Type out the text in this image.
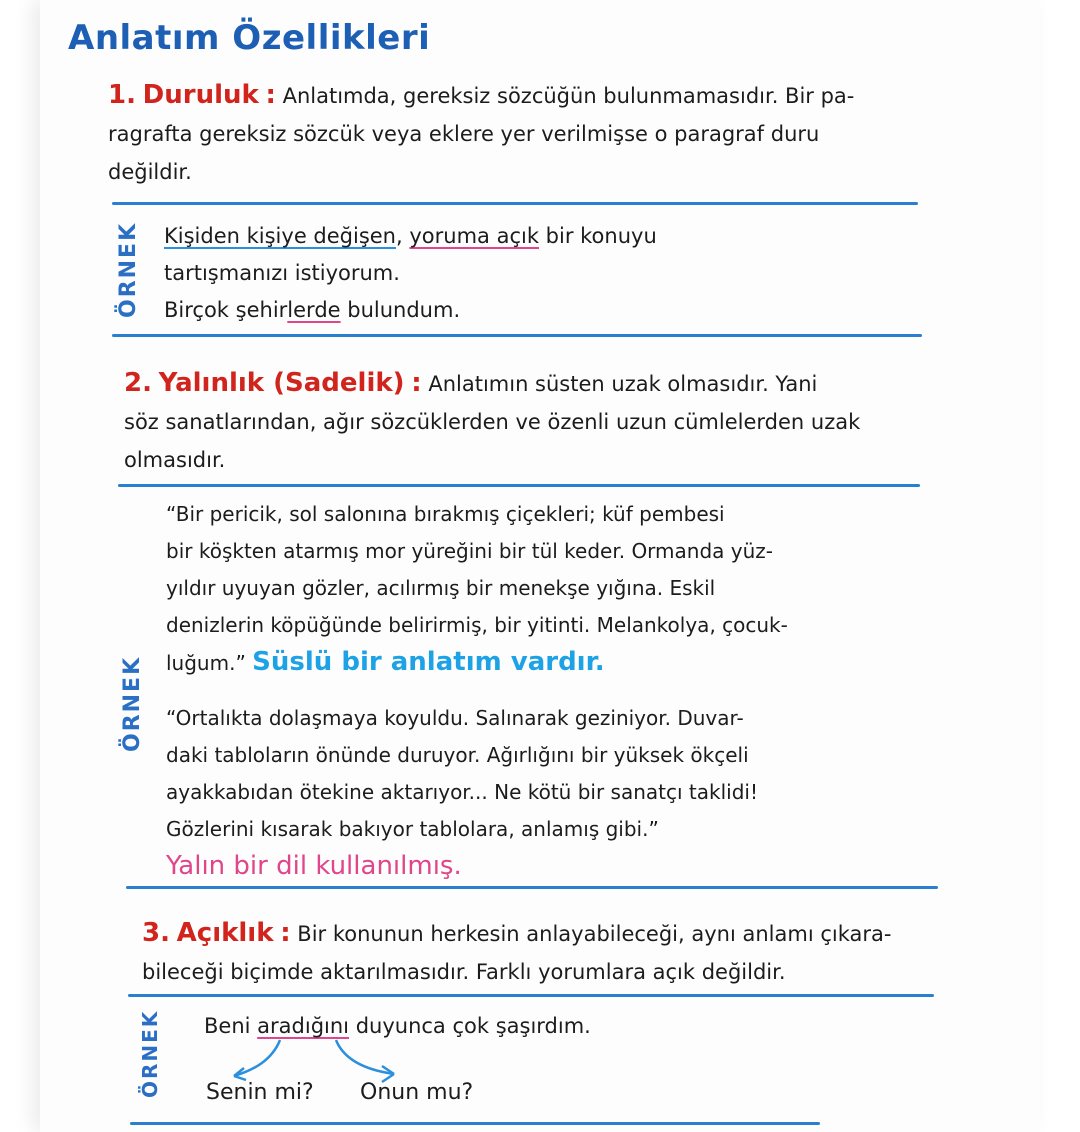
Anlatım Özellikleri
1. Duruluk : Anlatımda, gereksiz sözcüğün bulunmamasıdır. Bir pa-
ragrafta gereksiz sözcük veya eklere yer verilmişse o paragraf duru
değildir.
ÖRNEK Kişiden kişiye değişen, yoruma açık bir konuyu
tartışmanızı istiyorum.
Birçok şehirlerde bulundum.
2. Yalınlık (Sadelik) : Anlatımın süsten uzak olmasıdır. Yani
söz sanatlarından, ağır sözcüklerden ve özenli uzun cümlelerden uzak
olmasıdır.
ÖRNEK
“Bir pericik, sol salonına bırakmış çiçekleri; küf pembesi
bir köşkten atarmış mor yüreğini bir tül keder. Ormanda yüz-
yıldır uyuyan gözler, acılırmış bir menekşe yığına. Eskil
denizlerin köpüğünde belirirmiş, bir yitinti. Melankolya, çocuk-
luğum.” Süslü bir anlatım vardır.
“Ortalıkta dolaşmaya koyuldu. Salınarak geziniyor. Duvar-
daki tabloların önünde duruyor. Ağırlığını bir yüksek ökçeli
ayakkabıdan ötekine aktarıyor... Ne kötü bir sanatçı taklidi!
Gözlerini kısarak bakıyor tablolara, anlamış gibi.”
Yalın bir dil kullanılmış.
3. Açıklık : Bir konunun herkesin anlayabileceği, aynı anlamı çıkara-
bileceği biçimde aktarılmasıdır. Farklı yorumlara açık değildir.
ÖRNEK Beni aradığını duyunca çok şaşırdım.
Senin mi? Onun mu?
